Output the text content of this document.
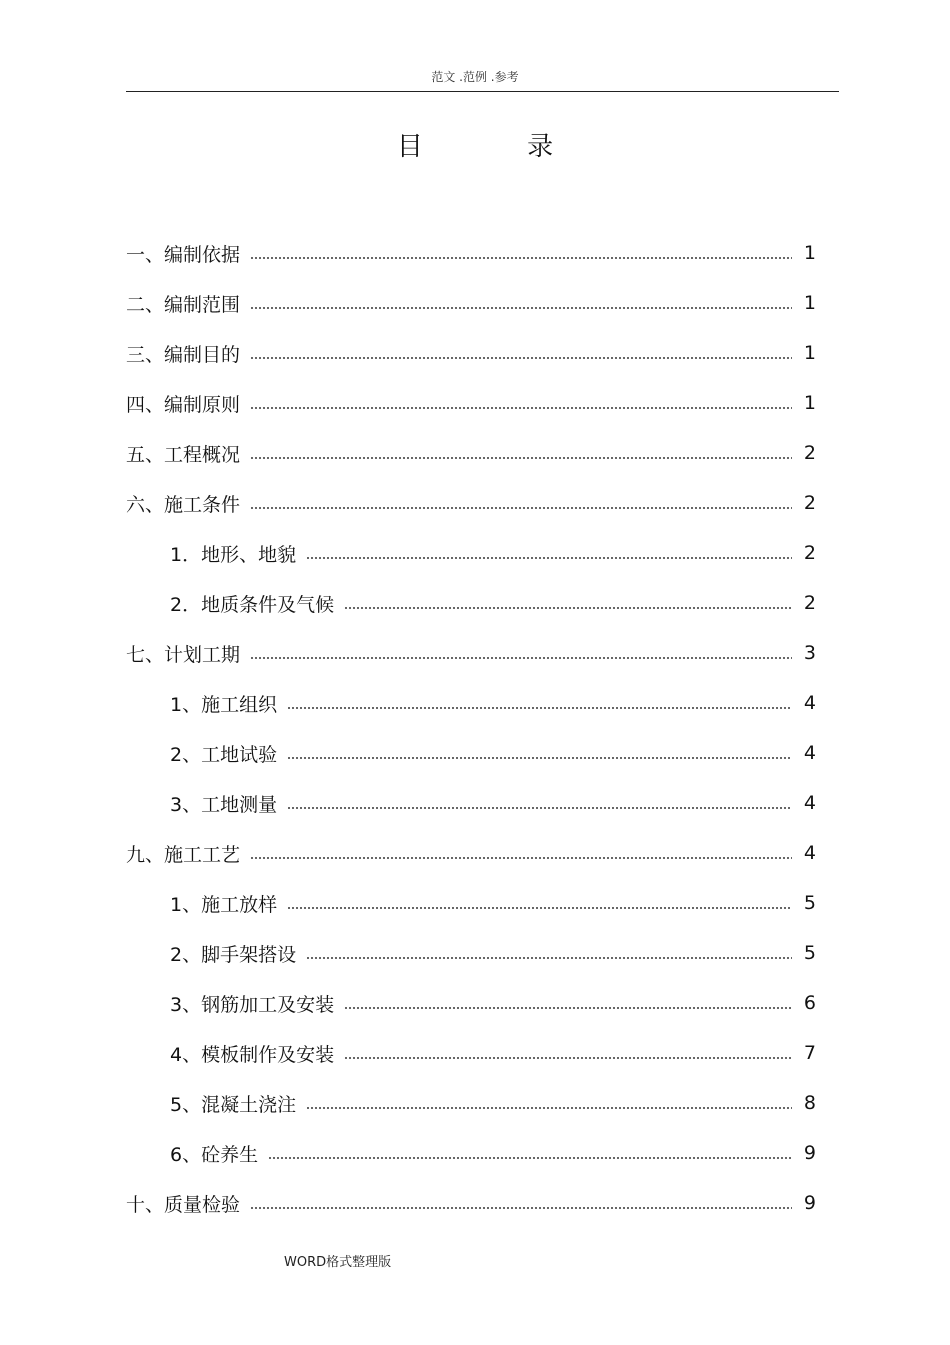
范文 .范例 .参考
目 录
一、编制依据	1
二、编制范围	1
三、编制目的	1
四、编制原则	1
五、工程概况	2
六、施工条件	2
1．地形、地貌	2
2．地质条件及气候	2
七、计划工期	3
1、施工组织	4
2、工地试验	4
3、工地测量	4
九、施工工艺	4
1、施工放样	5
2、脚手架搭设	5
3、钢筋加工及安装	6
4、模板制作及安装	7
5、混凝土浇注	8
6、砼养生	9
十、质量检验	9
WORD格式整理版
